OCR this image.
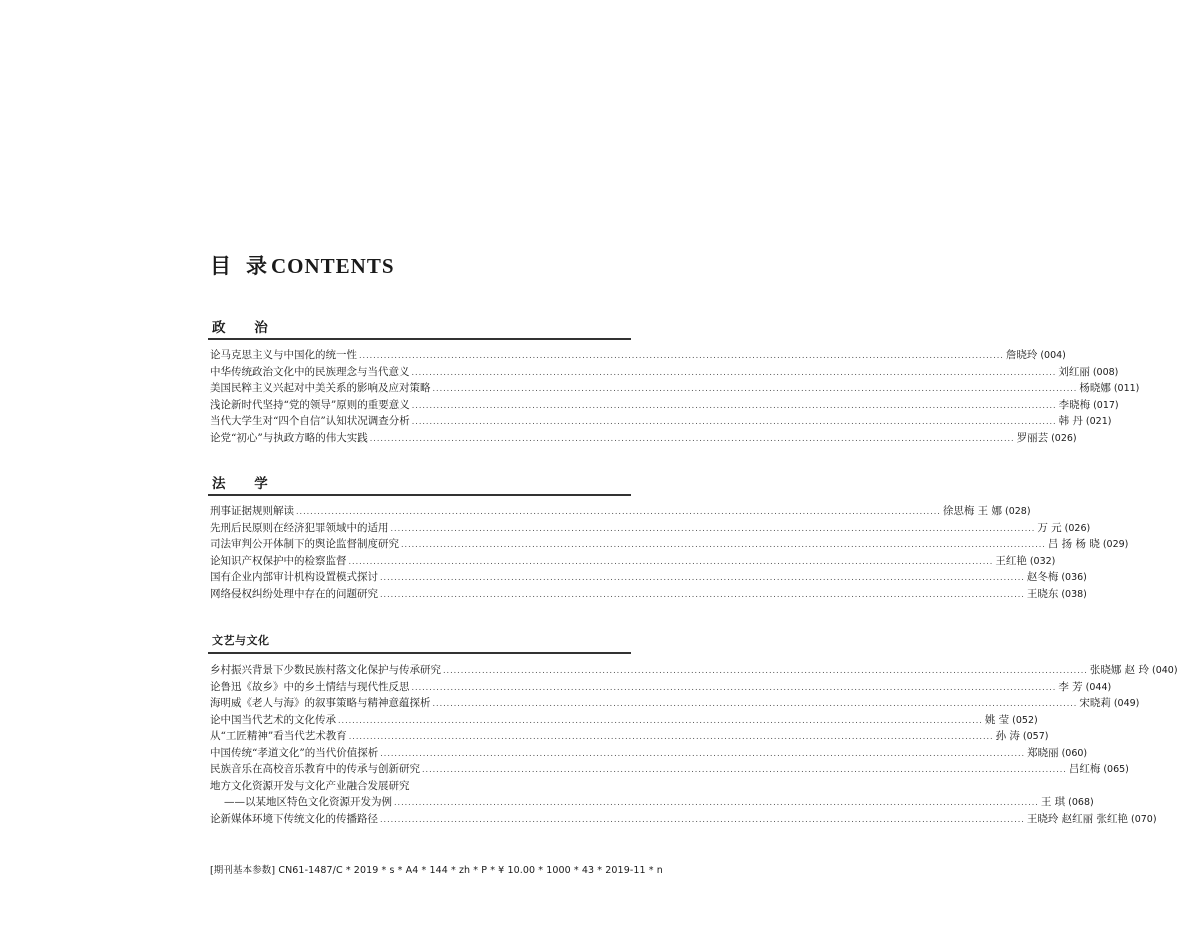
目 录 CONTENTS
政 治
论马克思主义与中国化的统一性 .....	詹晓玲 (004)
中华传统政治文化中的民族理念与当代意义 .....	刘红丽 (008)
美国民粹主义兴起对中美关系的影响及应对策略 .....	杨晓娜 (011)
浅论新时代坚持“党的领导”原则的重要意义 .....	李晓梅 (017)
当代大学生对“四个自信”认知状况调查分析 .....	韩 丹 (021)
论党“初心”与执政方略的伟大实践 .....	罗丽芸 (026)
法 学
刑事证据规则解读 .....	徐思梅 王 娜 (028)
先刑后民原则在经济犯罪领域中的适用 .....	万 元 (026)
司法审判公开体制下的舆论监督制度研究 .....	吕 扬 杨 晓 (029)
论知识产权保护中的检察监督 .....	王红艳 (032)
国有企业内部审计机构设置模式探讨 .....	赵冬梅 (036)
网络侵权纠纷处理中存在的问题研究 .....	王晓东 (038)
文艺与文化
乡村振兴背景下少数民族村落文化保护与传承研究 .....	张晓娜 赵 玲 (040)
论鲁迅《故乡》中的乡土情结与现代性反思 .....	李 芳 (044)
海明威《老人与海》的叙事策略与精神意蕴探析 .....	宋晓莉 (049)
论中国当代艺术的文化传承 .....	姚 莹 (052)
从“工匠精神”看当代艺术教育 .....	孙 涛 (057)
中国传统“孝道文化”的当代价值探析 .....	郑晓丽 (060)
民族音乐在高校音乐教育中的传承与创新研究 .....	吕红梅 (065)
地方文化资源开发与文化产业融合发展研究
——以某地区特色文化资源开发为例 .....	王 琪 (068)
论新媒体环境下传统文化的传播路径 .....	王晓玲 赵红丽 张红艳 (070)
[期刊基本参数] CN61-1487/C * 2019 * s * A4 * 144 * zh * P * ¥ 10.00 * 1000 * 43 * 2019-11 * n
